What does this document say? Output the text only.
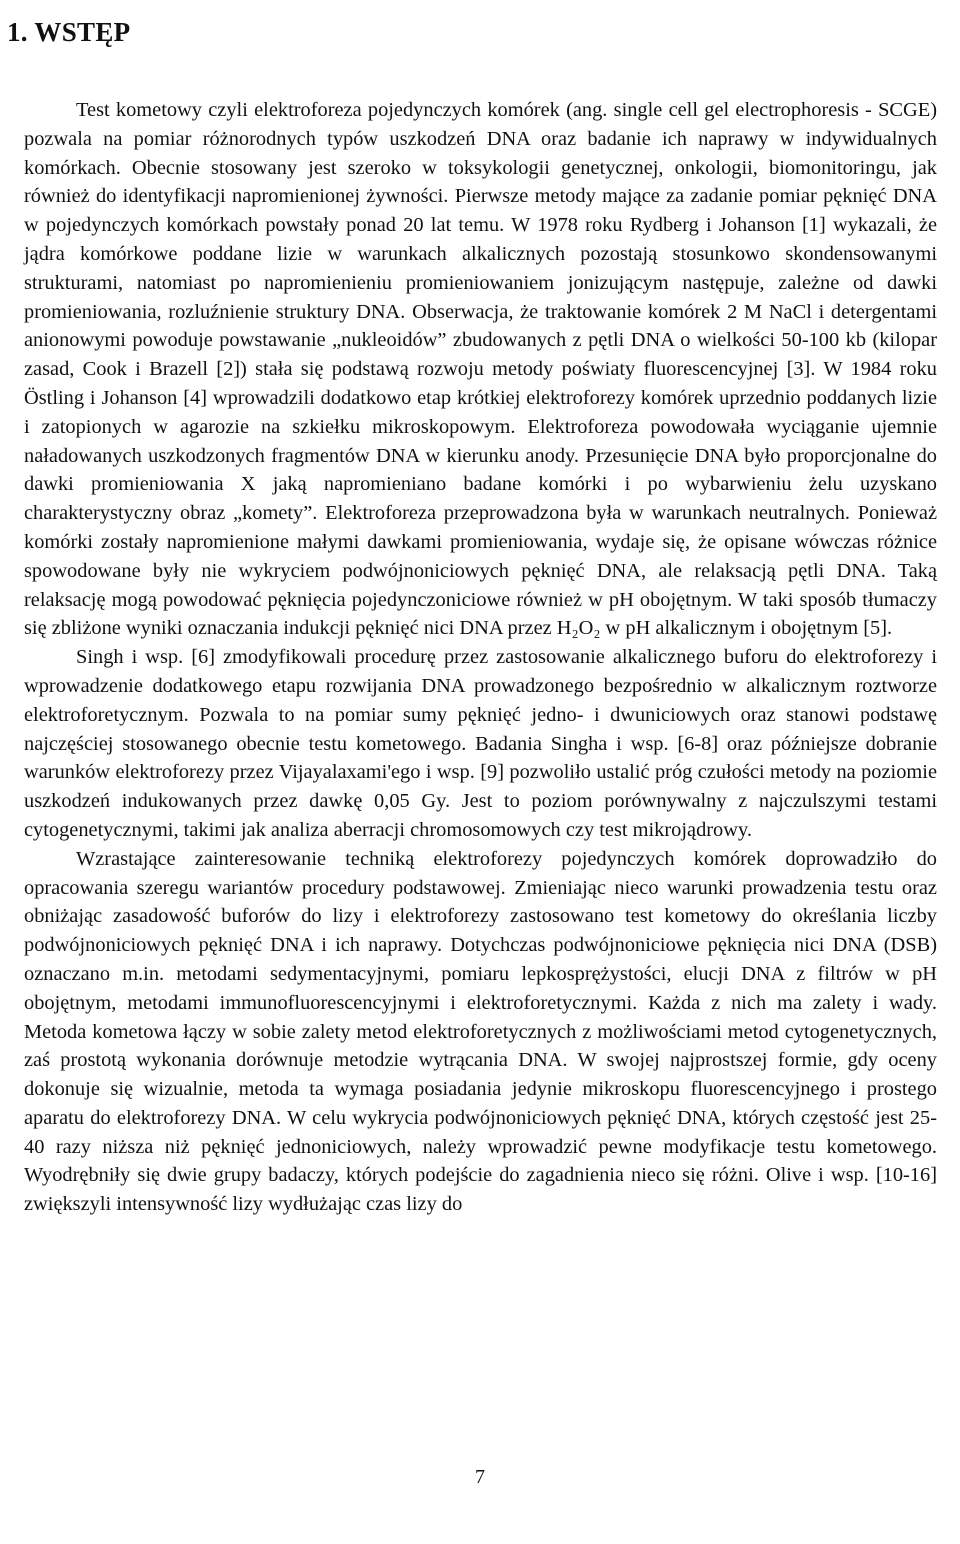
1. WSTĘP

Test kometowy czyli elektroforeza pojedynczych komórek (ang. single cell gel electrophoresis - SCGE) pozwala na pomiar różnorodnych typów uszkodzeń DNA oraz badanie ich naprawy w indywidualnych komórkach. Obecnie stosowany jest szeroko w toksykologii genetycznej, onkologii, biomonitoringu, jak również do identyfikacji napromienionej żywności. Pierwsze metody mające za zadanie pomiar pęknięć DNA w pojedynczych komórkach powstały ponad 20 lat temu. W 1978 roku Rydberg i Johanson [1] wykazali, że jądra komórkowe poddane lizie w warunkach alkalicznych pozostają stosunkowo skondensowanymi strukturami, natomiast po napromienieniu promieniowaniem jonizującym następuje, zależne od dawki promieniowania, rozluźnienie struktury DNA. Obserwacja, że traktowanie komórek 2 M NaCl i detergentami anionowymi powoduje powstawanie „nukleoidów” zbudowanych z pętli DNA o wielkości 50-100 kb (kilopar zasad, Cook i Brazell [2]) stała się podstawą rozwoju metody poświaty fluorescencyjnej [3]. W 1984 roku Östling i Johanson [4] wprowadzili dodatkowo etap krótkiej elektroforezy komórek uprzednio poddanych lizie i zatopionych w agarozie na szkiełku mikroskopowym. Elektroforeza powodowała wyciąganie ujemnie naładowanych uszkodzonych fragmentów DNA w kierunku anody. Przesunięcie DNA było proporcjonalne do dawki promieniowania X jaką napromieniano badane komórki i po wybarwieniu żelu uzyskano charakterystyczny obraz „komety”. Elektroforeza przeprowadzona była w warunkach neutralnych. Ponieważ komórki zostały napromienione małymi dawkami promieniowania, wydaje się, że opisane wówczas różnice spowodowane były nie wykryciem podwójnoniciowych pęknięć DNA, ale relaksacją pętli DNA. Taką relaksację mogą powodować pęknięcia pojedynczoniciowe również w pH obojętnym. W taki sposób tłumaczy się zbliżone wyniki oznaczania indukcji pęknięć nici DNA przez H₂O₂ w pH alkalicznym i obojętnym [5].

Singh i wsp. [6] zmodyfikowali procedurę przez zastosowanie alkalicznego buforu do elektroforezy i wprowadzenie dodatkowego etapu rozwijania DNA prowadzonego bezpośrednio w alkalicznym roztworze elektroforetycznym. Pozwala to na pomiar sumy pęknięć jedno- i dwuniciowych oraz stanowi podstawę najczęściej stosowanego obecnie testu kometowego. Badania Singha i wsp. [6-8] oraz późniejsze dobranie warunków elektroforezy przez Vijayalaxami'ego i wsp. [9] pozwoliło ustalić próg czułości metody na poziomie uszkodzeń indukowanych przez dawkę 0,05 Gy. Jest to poziom porównywalny z najczulszymi testami cytogenetycznymi, takimi jak analiza aberracji chromosomowych czy test mikrojądrowy.

Wzrastające zainteresowanie techniką elektroforezy pojedynczych komórek doprowadziło do opracowania szeregu wariantów procedury podstawowej. Zmieniając nieco warunki prowadzenia testu oraz obniżając zasadowość buforów do lizy i elektroforezy zastosowano test kometowy do określania liczby podwójnoniciowych pęknięć DNA i ich naprawy. Dotychczas podwójnoniciowe pęknięcia nici DNA (DSB) oznaczano m.in. metodami sedymentacyjnymi, pomiaru lepkosprężystości, elucji DNA z filtrów w pH obojętnym, metodami immunofluorescencyjnymi i elektroforetycznymi. Każda z nich ma zalety i wady. Metoda kometowa łączy w sobie zalety metod elektroforetycznych z możliwościami metod cytogenetycznych, zaś prostotą wykonania dorównuje metodzie wytrącania DNA. W swojej najprostszej formie, gdy oceny dokonuje się wizualnie, metoda ta wymaga posiadania jedynie mikroskopu fluorescencyjnego i prostego aparatu do elektroforezy DNA. W celu wykrycia podwójnoniciowych pęknięć DNA, których częstość jest 25-40 razy niższa niż pęknięć jednoniciowych, należy wprowadzić pewne modyfikacje testu kometowego. Wyodrębniły się dwie grupy badaczy, których podejście do zagadnienia nieco się różni. Olive i wsp. [10-16] zwiększyli intensywność lizy wydłużając czas lizy do

7
